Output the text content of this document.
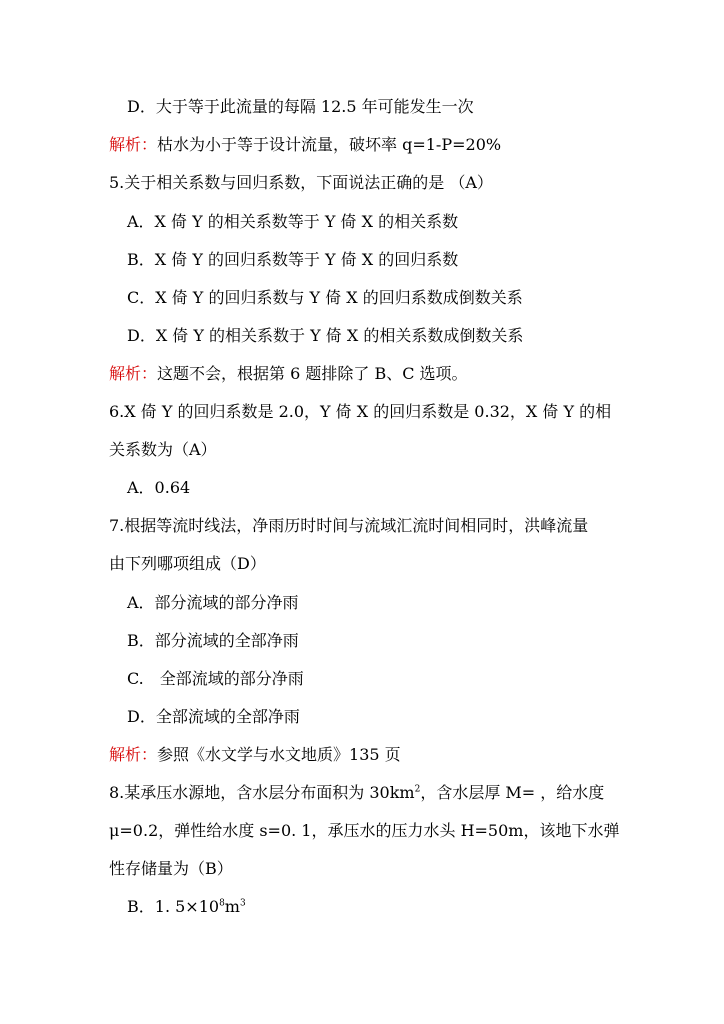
D．大于等于此流量的每隔 12.5 年可能发生一次
解析：枯水为小于等于设计流量，破坏率 q=1-P=20%
5.关于相关系数与回归系数，下面说法正确的是 （A）
A．X 倚 Y 的相关系数等于 Y 倚 X 的相关系数
B．X 倚 Y 的回归系数等于 Y 倚 X 的回归系数
C．X 倚 Y 的回归系数与 Y 倚 X 的回归系数成倒数关系
D．X 倚 Y 的相关系数于 Y 倚 X 的相关系数成倒数关系
解析：这题不会，根据第 6 题排除了 B、C 选项。
6.X 倚 Y 的回归系数是 2.0，Y 倚 X 的回归系数是 0.32，X 倚 Y 的相
关系数为（A）
A．0.64
7.根据等流时线法，净雨历时时间与流域汇流时间相同时，洪峰流量
由下列哪项组成（D）
A．部分流域的部分净雨
B．部分流域的全部净雨
C.　全部流域的部分净雨
D．全部流域的全部净雨
解析：参照《水文学与水文地质》135 页
8.某承压水源地，含水层分布面积为 $30km^2$，含水层厚 M= ，给水度
μ=0.2，弹性给水度 s=0. 1，承压水的压力水头 H=50m，该地下水弹
性存储量为（B）
B．1. $5\times 10^8m^3$
